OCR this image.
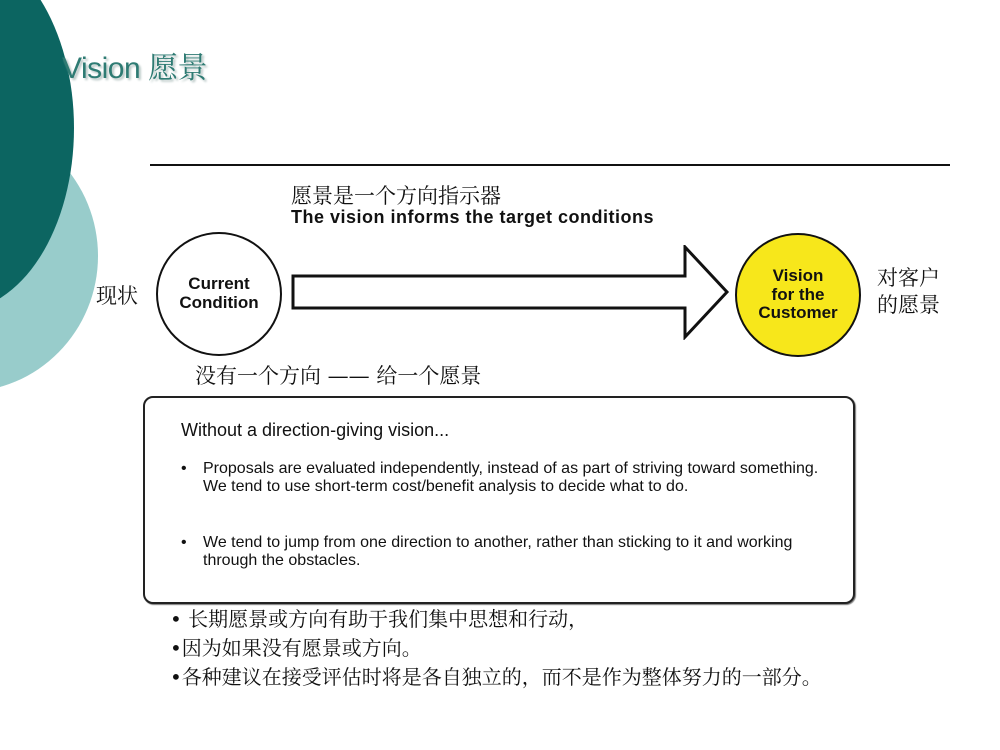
Vision 愿景
愿景是一个方向指示器
The vision informs the target conditions
现状
Current
Condition
Vision
for the
Customer
对客户
的愿景
没有一个方向 —— 给一个愿景
Without a direction-giving vision...
• Proposals are evaluated independently, instead of as part of striving toward something. We tend to use short-term cost/benefit analysis to decide what to do.
• We tend to jump from one direction to another, rather than sticking to it and working through the obstacles.
• 长期愿景或方向有助于我们集中思想和行动，
•因为如果没有愿景或方向。
•各种建议在接受评估时将是各自独立的，而不是作为整体努力的一部分。
